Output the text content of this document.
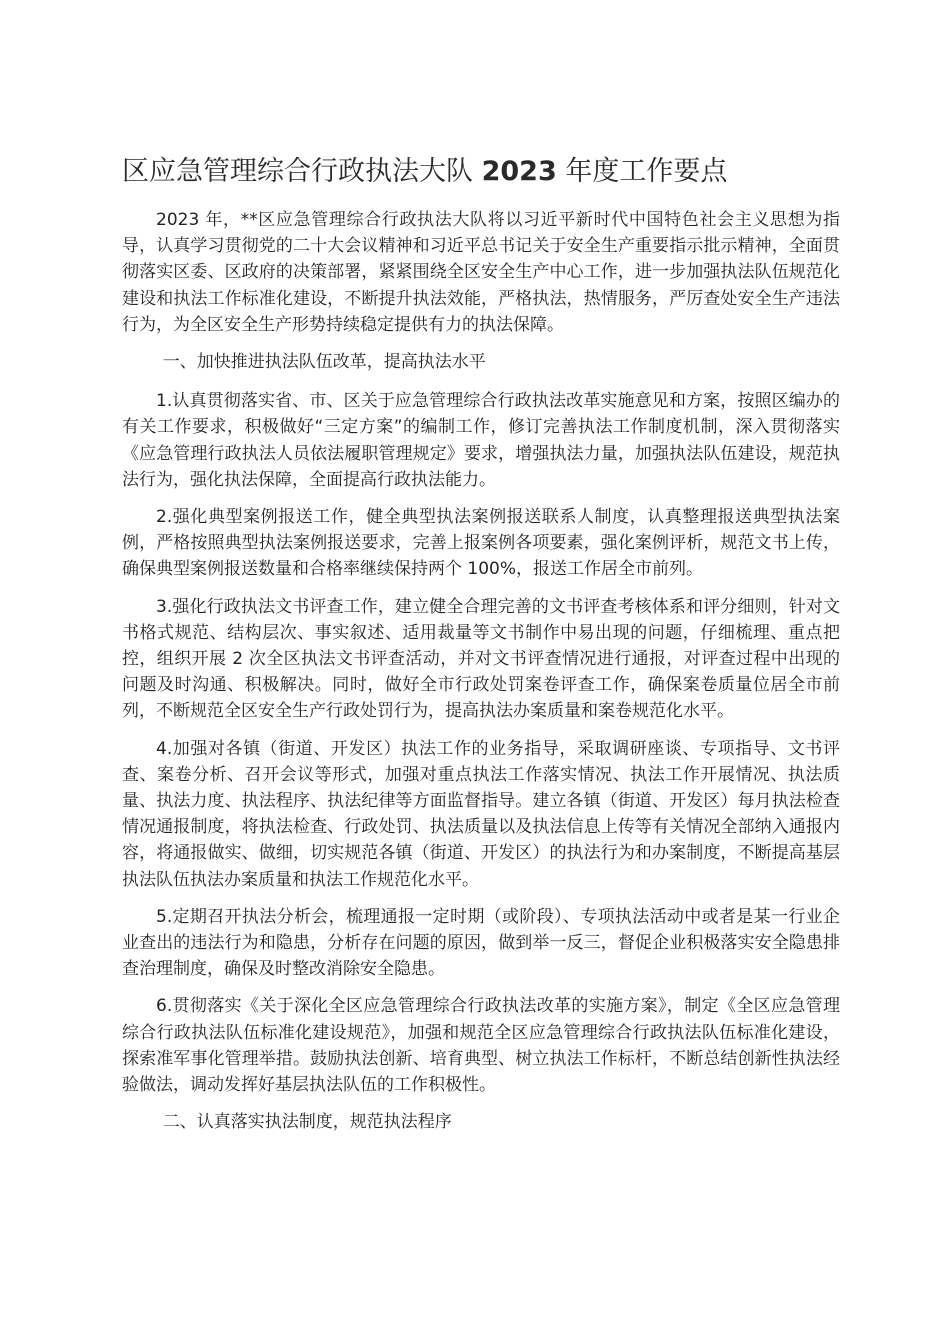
区应急管理综合行政执法大队 2023 年度工作要点

2023 年，**区应急管理综合行政执法大队将以习近平新时代中国特色社会主义思想为指导，认真学习贯彻党的二十大会议精神和习近平总书记关于安全生产重要指示批示精神，全面贯彻落实区委、区政府的决策部署，紧紧围绕全区安全生产中心工作，进一步加强执法队伍规范化建设和执法工作标准化建设，不断提升执法效能，严格执法，热情服务，严厉查处安全生产违法行为，为全区安全生产形势持续稳定提供有力的执法保障。

一、加快推进执法队伍改革，提高执法水平

1.认真贯彻落实省、市、区关于应急管理综合行政执法改革实施意见和方案，按照区编办的有关工作要求，积极做好“三定方案”的编制工作，修订完善执法工作制度机制，深入贯彻落实《应急管理行政执法人员依法履职管理规定》要求，增强执法力量，加强执法队伍建设，规范执法行为，强化执法保障，全面提高行政执法能力。

2.强化典型案例报送工作，健全典型执法案例报送联系人制度，认真整理报送典型执法案例，严格按照典型执法案例报送要求，完善上报案例各项要素，强化案例评析，规范文书上传，确保典型案例报送数量和合格率继续保持两个 100%，报送工作居全市前列。

3.强化行政执法文书评查工作，建立健全合理完善的文书评查考核体系和评分细则，针对文书格式规范、结构层次、事实叙述、适用裁量等文书制作中易出现的问题，仔细梳理、重点把控，组织开展 2 次全区执法文书评查活动，并对文书评查情况进行通报，对评查过程中出现的问题及时沟通、积极解决。同时，做好全市行政处罚案卷评查工作，确保案卷质量位居全市前列，不断规范全区安全生产行政处罚行为，提高执法办案质量和案卷规范化水平。

4.加强对各镇（街道、开发区）执法工作的业务指导，采取调研座谈、专项指导、文书评查、案卷分析、召开会议等形式，加强对重点执法工作落实情况、执法工作开展情况、执法质量、执法力度、执法程序、执法纪律等方面监督指导。建立各镇（街道、开发区）每月执法检查情况通报制度，将执法检查、行政处罚、执法质量以及执法信息上传等有关情况全部纳入通报内容，将通报做实、做细，切实规范各镇（街道、开发区）的执法行为和办案制度，不断提高基层执法队伍执法办案质量和执法工作规范化水平。

5.定期召开执法分析会，梳理通报一定时期（或阶段）、专项执法活动中或者是某一行业企业查出的违法行为和隐患，分析存在问题的原因，做到举一反三，督促企业积极落实安全隐患排查治理制度，确保及时整改消除安全隐患。

6.贯彻落实《关于深化全区应急管理综合行政执法改革的实施方案》，制定《全区应急管理综合行政执法队伍标准化建设规范》，加强和规范全区应急管理综合行政执法队伍标准化建设，探索准军事化管理举措。鼓励执法创新、培育典型、树立执法工作标杆，不断总结创新性执法经验做法，调动发挥好基层执法队伍的工作积极性。

二、认真落实执法制度，规范执法程序
